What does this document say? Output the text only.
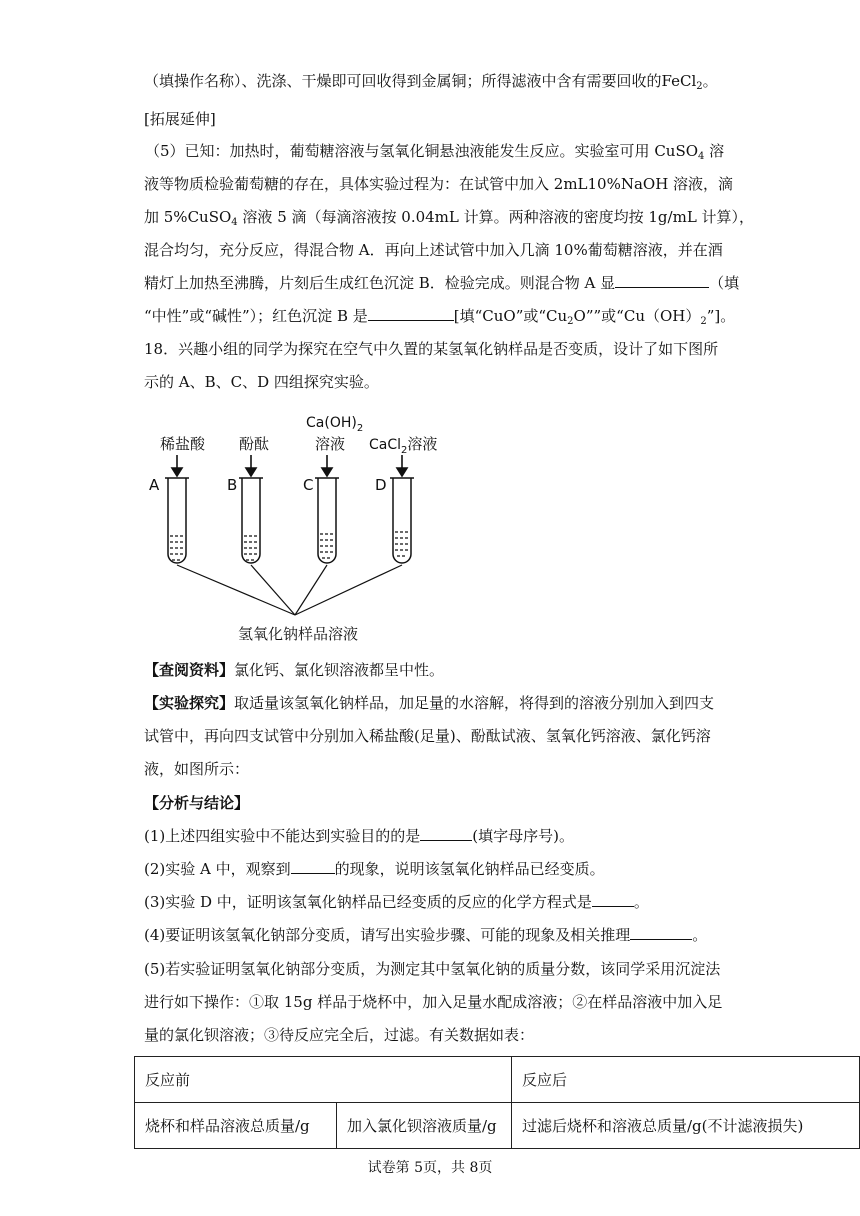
（填操作名称）、洗涤、干燥即可回收得到金属铜；所得滤液中含有需要回收的FeCl$_2$。
[拓展延伸]
（5）已知：加热时，葡萄糖溶液与氢氧化铜悬浊液能发生反应。实验室可用 CuSO$_4$ 溶
液等物质检验葡萄糖的存在，具体实验过程为：在试管中加入 2mL10%NaOH 溶液，滴
加 5%CuSO$_4$ 溶液 5 滴（每滴溶液按 0.04mL 计算。两种溶液的密度均按 1g/mL 计算），
混合均匀，充分反应，得混合物 A．再向上述试管中加入几滴 10%葡萄糖溶液，并在酒
精灯上加热至沸腾，片刻后生成红色沉淀 B．检验完成。则混合物 A 显	（填
“中性”或“碱性”）；红色沉淀 B 是	[填“CuO”或“$Cu_2O$””或“$Cu(OH)_2$”]。
18．兴趣小组的同学为探究在空气中久置的某氢氧化钠样品是否变质，设计了如下图所
示的 A、B、C、D 四组探究实验。
稀盐酸 酚酞
$Ca(OH)_2$
溶液 CaCl$_2$溶液
A	B	C	D
氢氧化钠样品溶液
【查阅资料】氯化钙、氯化钡溶液都呈中性。
【实验探究】取适量该氢氧化钠样品，加足量的水溶解，将得到的溶液分别加入到四支
试管中，再向四支试管中分别加入稀盐酸(足量)、酚酞试液、氢氧化钙溶液、氯化钙溶
液，如图所示：
【分析与结论】
(1)上述四组实验中不能达到实验目的的是	(填字母序号)。
(2)实验 A 中，观察到	的现象，说明该氢氧化钠样品已经变质。
(3)实验 D 中，证明该氢氧化钠样品已经变质的反应的化学方程式是	。
(4)要证明该氢氧化钠部分变质，请写出实验步骤、可能的现象及相关推理	。
(5)若实验证明氢氧化钠部分变质，为测定其中氢氧化钠的质量分数，该同学采用沉淀法
进行如下操作：①取 15g 样品于烧杯中，加入足量水配成溶液；②在样品溶液中加入足
量的氯化钡溶液；③待反应完全后，过滤。有关数据如表：
反应前		反应后
烧杯和样品溶液总质量/g	加入氯化钡溶液质量/g	过滤后烧杯和溶液总质量/g(不计滤液损失)
试卷第 5页，共 8页
